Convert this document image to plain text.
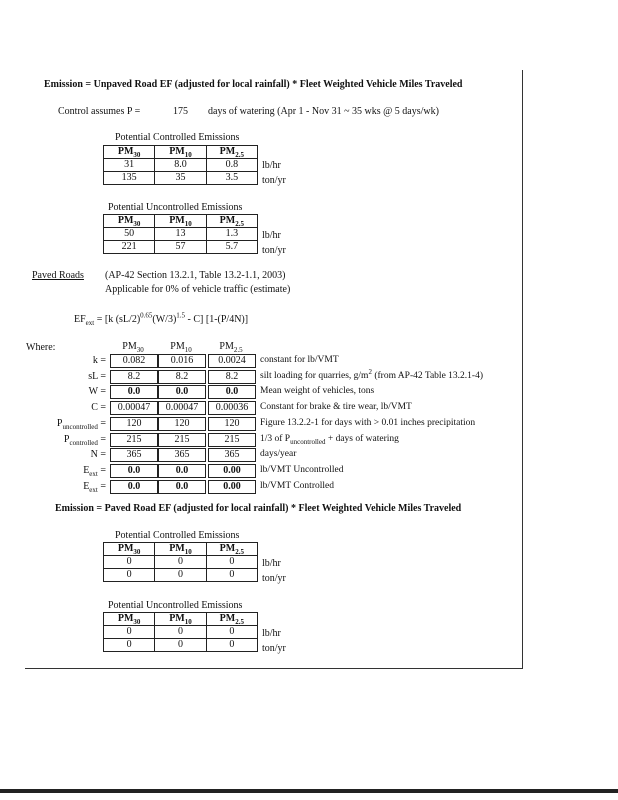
Emission = Unpaved Road EF (adjusted for local rainfall) * Fleet Weighted Vehicle Miles Traveled
Control assumes P =	175 days of watering (Apr 1 - Nov 31 ~ 35 wks @ 5 days/wk)
Potential Controlled Emissions
$PM_{30}$	$PM_{10}$	$PM_{2.5}$
31	8.0	0.8
135	35	3.5
lb/hr
ton/yr
Potential Uncontrolled Emissions
$PM_{30}$	$PM_{10}$	$PM_{2.5}$
50	13	1.3
221	57	5.7
lb/hr
ton/yr
Paved Roads (AP-42 Section 13.2.1, Table 13.2-1.1, 2003)
Applicable for 0% of vehicle traffic (estimate)
$EF_{ext} = [k$ $(sL/2)^{0.65}(W/3)^{1.5} - C$] [1-(P/4N)]
Where:	$PM_{30}$	$PM_{10}$	$PM_{2.5}$
k =	0.082	0.016	0.0024	constant for lb/VMT
sL =	8.2	8.2	8.2	silt loading for quarries, $g/m^2$ (from AP-42 Table 13.2.1-4)
W =	0.0	0.0	0.0	Mean weight of vehicles, tons
C =	0.00047	0.00047	0.00036	Constant for brake & tire wear, lb/VMT
$P_{uncontrolled}$ =	120	120	120	Figure 13.2.2-1 for days with > 0.01 inches precipitation
$P_{controlled}$ =	215	215	215	1/3 of $P_{uncontrolled}$ + days of watering
N =	365	365	365	days/year
$E_{ext}$ =	0.0	0.0	0.00	lb/VMT Uncontrolled
$E_{ext}$ =	0.0	0.0	0.00	lb/VMT Controlled
Emission = Paved Road EF (adjusted for local rainfall) * Fleet Weighted Vehicle Miles Traveled
Potential Controlled Emissions
$PM_{30}$	$PM_{10}$	$PM_{2.5}$
0	0	0
0	0	0
lb/hr
ton/yr
Potential Uncontrolled Emissions
$PM_{30}$	$PM_{10}$	$PM_{2.5}$
0	0	0
0	0	0
lb/hr
ton/yr
